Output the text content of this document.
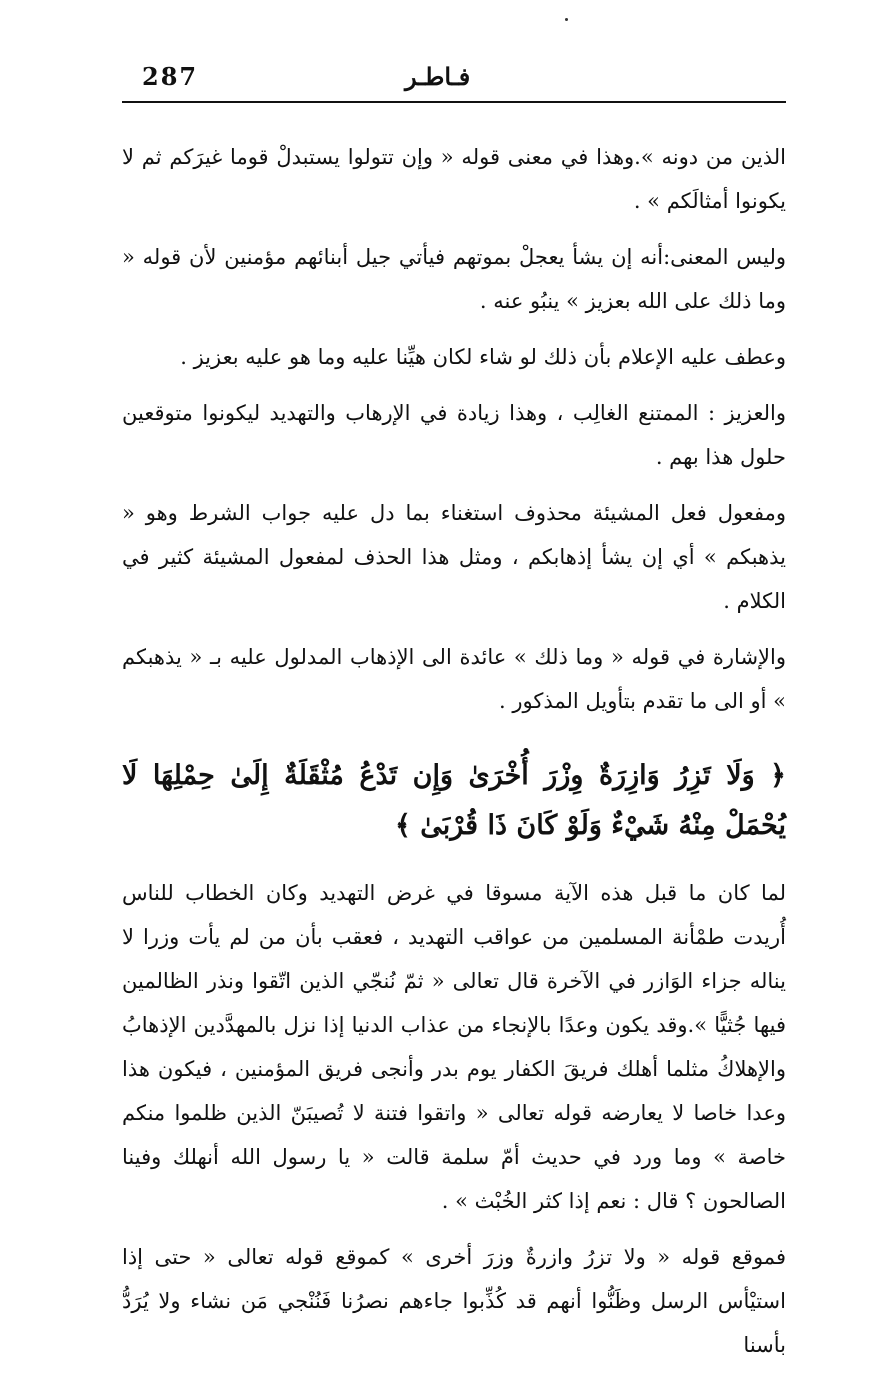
287	فـاطـر

الذين من دونه ».وهذا في معنى قوله « وإن تتولوا يستبدلْ قوما غيرَكم ثم لا يكونوا أمثالَكم » .

وليس المعنى:أنه إن يشأ يعجلْ بموتهم فيأتي جيل أبنائهم مؤمنين لأن قوله « وما ذلك على الله بعزيز » ينبُو عنه .

وعطف عليه الإعلام بأن ذلك لو شاء لكان هيِّنا عليه وما هو عليه بعزيز .

والعزيز : الممتنع الغالِب ، وهذا زيادة في الإرهاب والتهديد ليكونوا متوقعين حلول هذا بهم .

ومفعول فعل المشيئة محذوف استغناء بما دل عليه جواب الشرط وهو « يذهبكم » أي إن يشأ إذهابكم ، ومثل هذا الحذف لمفعول المشيئة كثير في الكلام .

والإشارة في قوله « وما ذلك » عائدة الى الإذهاب المدلول عليه بـ « يذهبكم » أو الى ما تقدم بتأويل المذكور .

﴿ وَلَا تَزِرُ وَازِرَةٌ وِزْرَ أُخْرَىٰ وَإِن تَدْعُ مُثْقَلَةٌ إِلَىٰ حِمْلِهَا لَا يُحْمَلْ مِنْهُ شَيْءٌ وَلَوْ كَانَ ذَا قُرْبَىٰ ﴾

لما كان ما قبل هذه الآية مسوقا في غرض التهديد وكان الخطاب للناس أُريدت طمْأنة المسلمين من عواقب التهديد ، فعقب بأن من لم يأت وزرا لا يناله جزاء الوَازر في الآخرة قال تعالى « ثمّ نُنجّي الذين اتّقوا ونذر الظالمين فيها جُثيًّا ».وقد يكون وعدًا بالإنجاء من عذاب الدنيا إذا نزل بالمهدَّدين الإذهابُ والإهلاكُ مثلما أهلك فريقَ الكفار يوم بدر وأنجى فريق المؤمنين ، فيكون هذا وعدا خاصا لا يعارضه قوله تعالى « واتقوا فتنة لا تُصيبَنّ الذين ظلموا منكم خاصة » وما ورد في حديث أمّ سلمة قالت « يا رسول الله أنهلك وفينا الصالحون ؟ قال : نعم إذا كثر الخُبْث » .

فموقع قوله « ولا تزرُ وازرةٌ وزرَ أخرى » كموقع قوله تعالى « حتى إذا استيْأس الرسل وظَنُّوا أنهم قد كُذِّبوا جاءهم نصرُنا فَنُنْجي مَن نشاء ولا يُرَدُّ بأسنا
